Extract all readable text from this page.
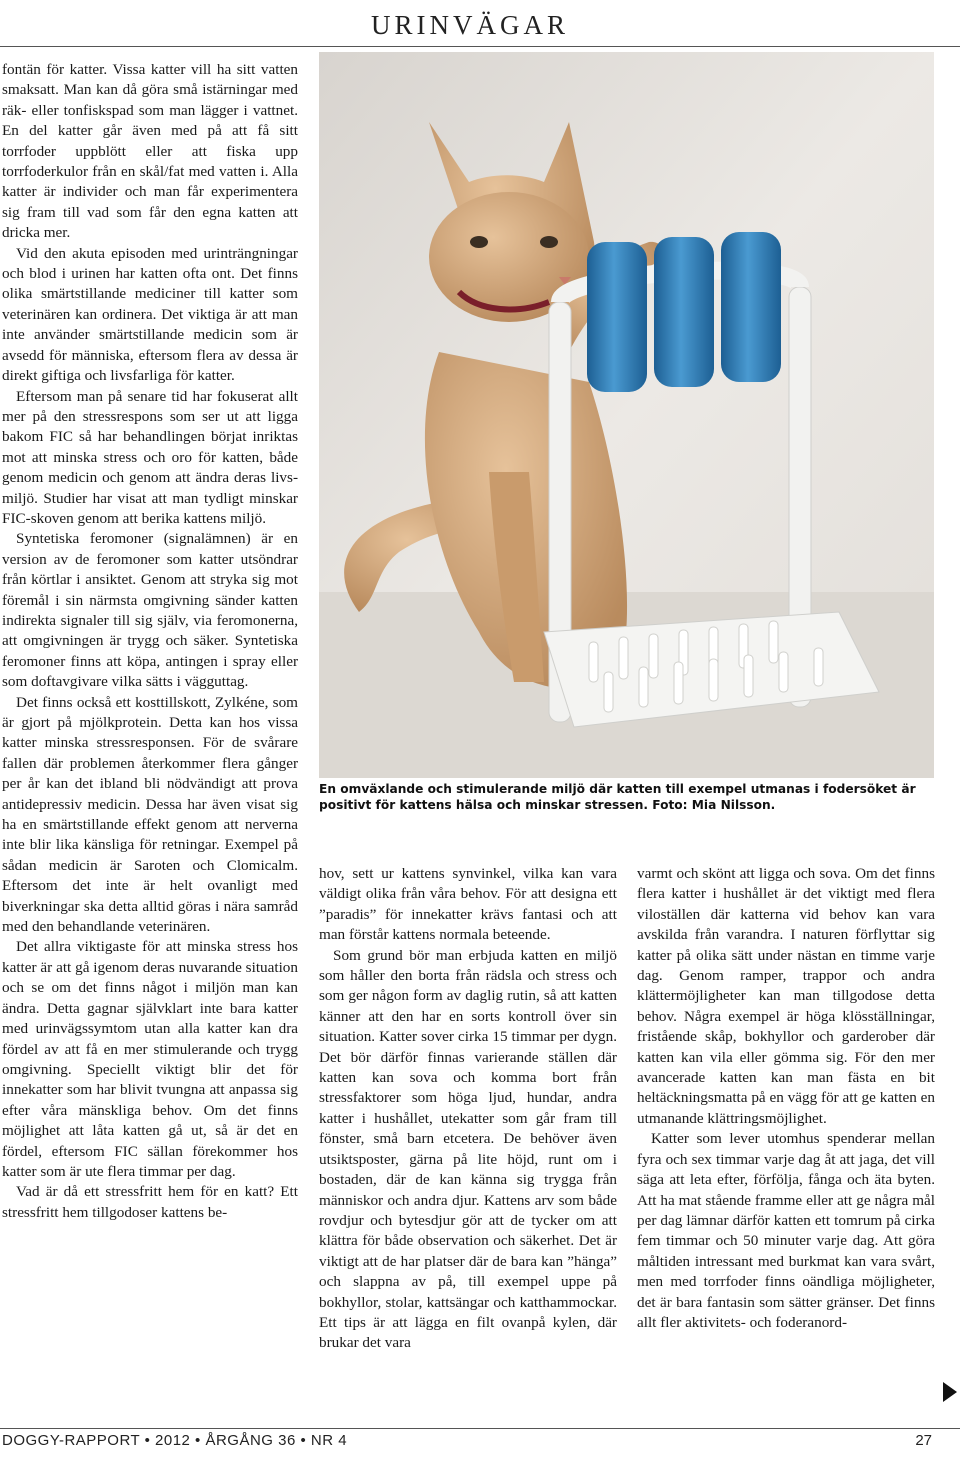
URINVÄGAR

fontän för katter. Vissa katter vill ha sitt vatten smaksatt. Man kan då göra små istärningar med räk- eller tonfiskspad som man lägger i vattnet. En del katter går även med på att få sitt torrfoder uppblött eller att fiska upp torrfoderkulor från en skål/fat med vatten i. Alla katter är individer och man får experimentera sig fram till vad som får den egna katten att dricka mer.

Vid den akuta episoden med urinträngningar och blod i urinen har katten ofta ont. Det finns olika smärtstillande mediciner till katter som veterinären kan ordinera. Det viktiga är att man inte använder smärtstillande medicin som är avsedd för människa, eftersom flera av dessa är direkt giftiga och livsfarliga för katter.

Eftersom man på senare tid har fokuserat allt mer på den stressrespons som ser ut att ligga bakom FIC så har behandlingen börjat inriktas mot att minska stress och oro för katten, både genom medicin och genom att ändra deras livsmiljö. Studier har visat att man tydligt minskar FIC-skoven genom att berika kattens miljö.

Syntetiska feromoner (signalämnen) är en version av de feromoner som katter utsöndrar från körtlar i ansiktet. Genom att stryka sig mot föremål i sin närmsta omgivning sänder katten indirekta signaler till sig själv, via feromonerna, att omgivningen är trygg och säker. Syntetiska feromoner finns att köpa, antingen i spray eller som doftavgivare vilka sätts i vägguttag.

Det finns också ett kosttillskott, Zylkéne, som är gjort på mjölkprotein. Detta kan hos vissa katter minska stressresponsen. För de svårare fallen där problemen återkommer flera gånger per år kan det ibland bli nödvändigt att prova antidepressiv medicin. Dessa har även visat sig ha en smärtstillande effekt genom att nerverna inte blir lika känsliga för retningar. Exempel på sådan medicin är Saroten och Clomicalm. Eftersom det inte är helt ovanligt med biverkningar ska detta alltid göras i nära samråd med den behandlande veterinären.

Det allra viktigaste för att minska stress hos katter är att gå igenom deras nuvarande situation och se om det finns något i miljön man kan ändra. Detta gagnar självklart inte bara katter med urinvägssymtom utan alla katter kan dra fördel av att få en mer stimulerande och trygg omgivning. Speciellt viktigt blir det för innekatter som har blivit tvungna att anpassa sig efter våra mänskliga behov. Om det finns möjlighet att låta katten gå ut, så är det en fördel, eftersom FIC sällan förekommer hos katter som är ute flera timmar per dag.

Vad är då ett stressfritt hem för en katt? Ett stressfritt hem tillgodoser kattens be-

En omväxlande och stimulerande miljö där katten till exempel utmanas i fodersöket är positivt för kattens hälsa och minskar stressen. Foto: Mia Nilsson.

hov, sett ur kattens synvinkel, vilka kan vara väldigt olika från våra behov. För att designa ett ”paradis” för innekatter krävs fantasi och att man förstår kattens normala beteende.

Som grund bör man erbjuda katten en miljö som håller den borta från rädsla och stress och som ger någon form av daglig rutin, så att katten känner att den har en sorts kontroll över sin situation. Katter sover cirka 15 timmar per dygn. Det bör därför finnas varierande ställen där katten kan sova och komma bort från stressfaktorer som höga ljud, hundar, andra katter i hushållet, utekatter som går fram till fönster, små barn etcetera. De behöver även utsiktsposter, gärna på lite höjd, runt om i bostaden, där de kan känna sig trygga från människor och andra djur. Kattens arv som både rovdjur och bytesdjur gör att de tycker om att klättra för både observation och säkerhet. Det är viktigt att de har platser där de bara kan ”hänga” och slappna av på, till exempel uppe på bokhyllor, stolar, kattsängar och katthammockar. Ett tips är att lägga en filt ovanpå kylen, där brukar det vara

varmt och skönt att ligga och sova. Om det finns flera katter i hushållet är det viktigt med flera viloställen där katterna vid behov kan vara avskilda från varandra. I naturen förflyttar sig katter på olika sätt under nästan en timme varje dag. Genom ramper, trappor och andra klättermöjligheter kan man tillgodose detta behov. Några exempel är höga klösställningar, fristående skåp, bokhyllor och garderober där katten kan vila eller gömma sig. För den mer avancerade katten kan man fästa en bit heltäckningsmatta på en vägg för att ge katten en utmanande klättringsmöjlighet.

Katter som lever utomhus spenderar mellan fyra och sex timmar varje dag åt att jaga, det vill säga att leta efter, förfölja, fånga och äta byten. Att ha mat stående framme eller att ge några mål per dag lämnar därför katten ett tomrum på cirka fem timmar och 50 minuter varje dag. Att göra måltiden intressant med burkmat kan vara svårt, men med torrfoder finns oändliga möjligheter, det är bara fantasin som sätter gränser. Det finns allt fler aktivitets- och foderanord-

DOGGY-RAPPORT • 2012 • ÅRGÅNG 36 • NR 4	27
